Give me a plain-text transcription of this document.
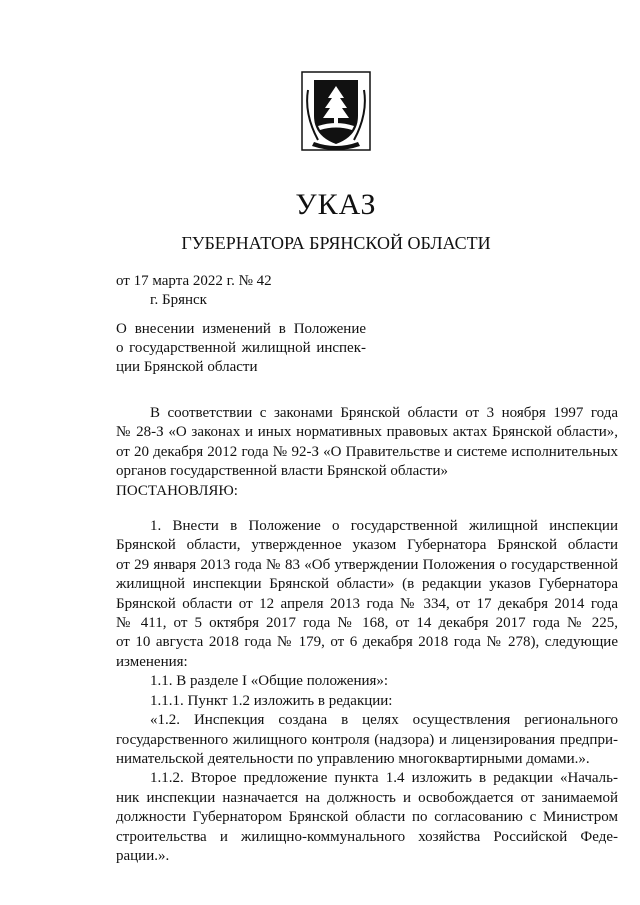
УКАЗ
ГУБЕРНАТОРА БРЯНСКОЙ ОБЛАСТИ
от 17 марта 2022 г. № 42
г. Брянск
О внесении изменений в Положение
о государственной жилищной инспек-
ции Брянской области
В соответствии с законами Брянской области от 3 ноября 1997 года
№ 28-З «О законах и иных нормативных правовых актах Брянской области»,
от 20 декабря 2012 года № 92-З «О Правительстве и системе исполнительных
органов государственной власти Брянской области»
ПОСТАНОВЛЯЮ:
1. Внести в Положение о государственной жилищной инспекции
Брянской области, утвержденное указом Губернатора Брянской области
от 29 января 2013 года № 83 «Об утверждении Положения о государственной
жилищной инспекции Брянской области» (в редакции указов Губернатора
Брянской области от 12 апреля 2013 года № 334, от 17 декабря 2014 года
№ 411, от 5 октября 2017 года № 168, от 14 декабря 2017 года № 225,
от 10 августа 2018 года № 179, от 6 декабря 2018 года № 278), следующие
изменения:
1.1. В разделе I «Общие положения»:
1.1.1. Пункт 1.2 изложить в редакции:
«1.2. Инспекция создана в целях осуществления регионального
государственного жилищного контроля (надзора) и лицензирования предпри-
нимательской деятельности по управлению многоквартирными домами.».
1.1.2. Второе предложение пункта 1.4 изложить в редакции «Началь-
ник инспекции назначается на должность и освобождается от занимаемой
должности Губернатором Брянской области по согласованию с Министром
строительства и жилищно-коммунального хозяйства Российской Феде-
рации.».
